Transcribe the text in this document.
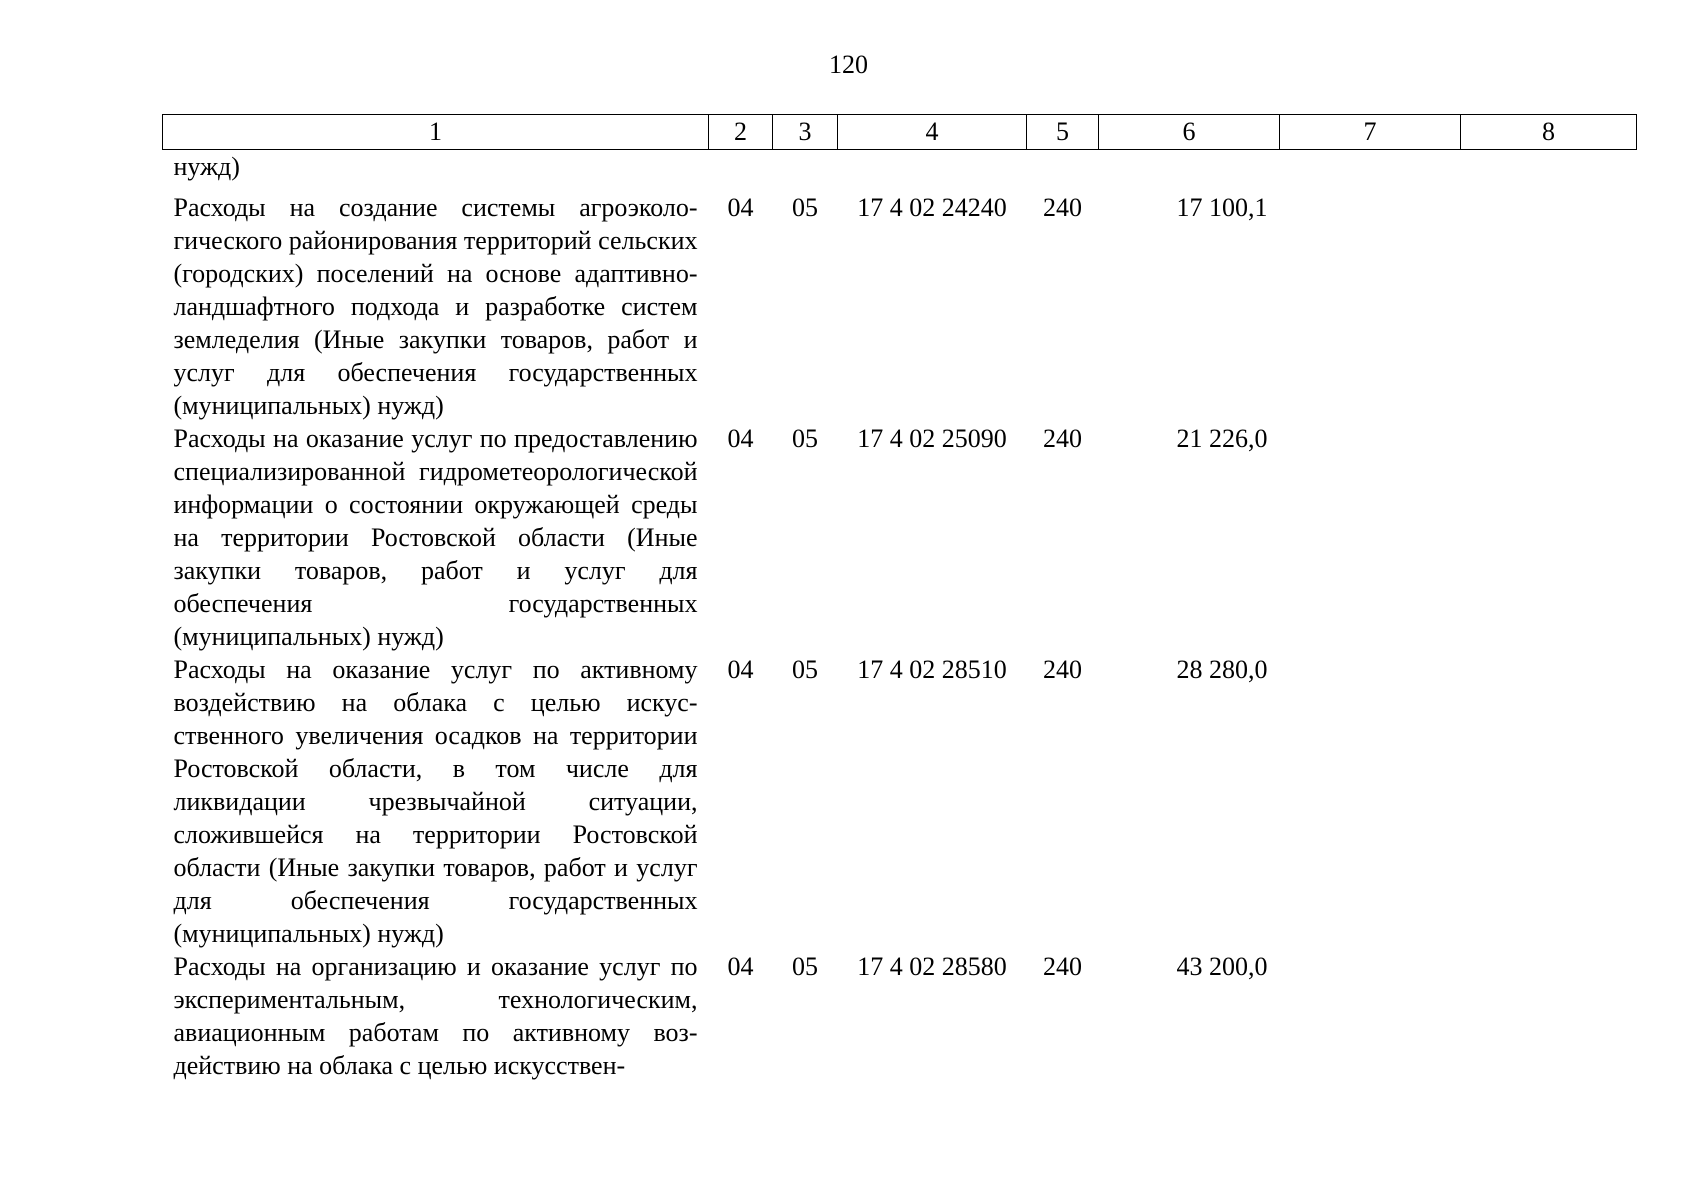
120
1	2	3	4	5	6	7	8
нужд)							
Расходы на создание системы агроэкологического районирования территорий сельских (городских) поселений на основе адаптивно-ландшафтного подхода и разработке систем земледелия (Иные закупки товаров, работ и услуг для обеспечения государственных (муниципальных) нужд)	04	05	17 4 02 24240	240	17 100,1		
Расходы на оказание услуг по предоставлению специализированной гидрометеорологической информации о состоянии окружающей среды на территории Ростовской области (Иные закупки товаров, работ и услуг для обеспечения государственных (муниципальных) нужд)	04	05	17 4 02 25090	240	21 226,0		
Расходы на оказание услуг по активному воздействию на облака с целью искусственного увеличения осадков на территории Ростовской области, в том числе для ликвидации чрезвычайной ситуации, сложившейся на территории Ростовской области (Иные закупки товаров, работ и услуг для обеспечения государственных (муниципальных) нужд)	04	05	17 4 02 28510	240	28 280,0		
Расходы на организацию и оказание услуг по экспериментальным, технологическим, авиационным работам по активному воздействию на облака с целью искусствен-	04	05	17 4 02 28580	240	43 200,0		
